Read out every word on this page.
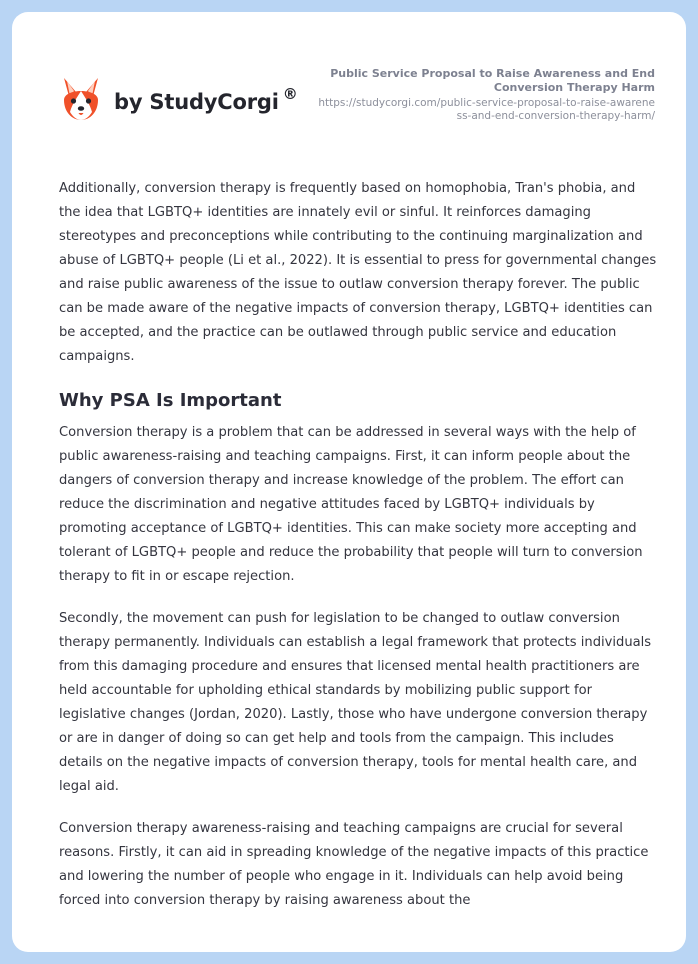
by StudyCorgi ®
Public Service Proposal to Raise Awareness and End Conversion Therapy Harm
https://studycorgi.com/public-service-proposal-to-raise-awareness-and-end-conversion-therapy-harm/

Additionally, conversion therapy is frequently based on homophobia, Tran's phobia, and the idea that LGBTQ+ identities are innately evil or sinful. It reinforces damaging stereotypes and preconceptions while contributing to the continuing marginalization and abuse of LGBTQ+ people (Li et al., 2022). It is essential to press for governmental changes and raise public awareness of the issue to outlaw conversion therapy forever. The public can be made aware of the negative impacts of conversion therapy, LGBTQ+ identities can be accepted, and the practice can be outlawed through public service and education campaigns.

Why PSA Is Important

Conversion therapy is a problem that can be addressed in several ways with the help of public awareness-raising and teaching campaigns. First, it can inform people about the dangers of conversion therapy and increase knowledge of the problem. The effort can reduce the discrimination and negative attitudes faced by LGBTQ+ individuals by promoting acceptance of LGBTQ+ identities. This can make society more accepting and tolerant of LGBTQ+ people and reduce the probability that people will turn to conversion therapy to fit in or escape rejection.

Secondly, the movement can push for legislation to be changed to outlaw conversion therapy permanently. Individuals can establish a legal framework that protects individuals from this damaging procedure and ensures that licensed mental health practitioners are held accountable for upholding ethical standards by mobilizing public support for legislative changes (Jordan, 2020). Lastly, those who have undergone conversion therapy or are in danger of doing so can get help and tools from the campaign. This includes details on the negative impacts of conversion therapy, tools for mental health care, and legal aid.

Conversion therapy awareness-raising and teaching campaigns are crucial for several reasons. Firstly, it can aid in spreading knowledge of the negative impacts of this practice and lowering the number of people who engage in it. Individuals can help avoid being forced into conversion therapy by raising awareness about the
